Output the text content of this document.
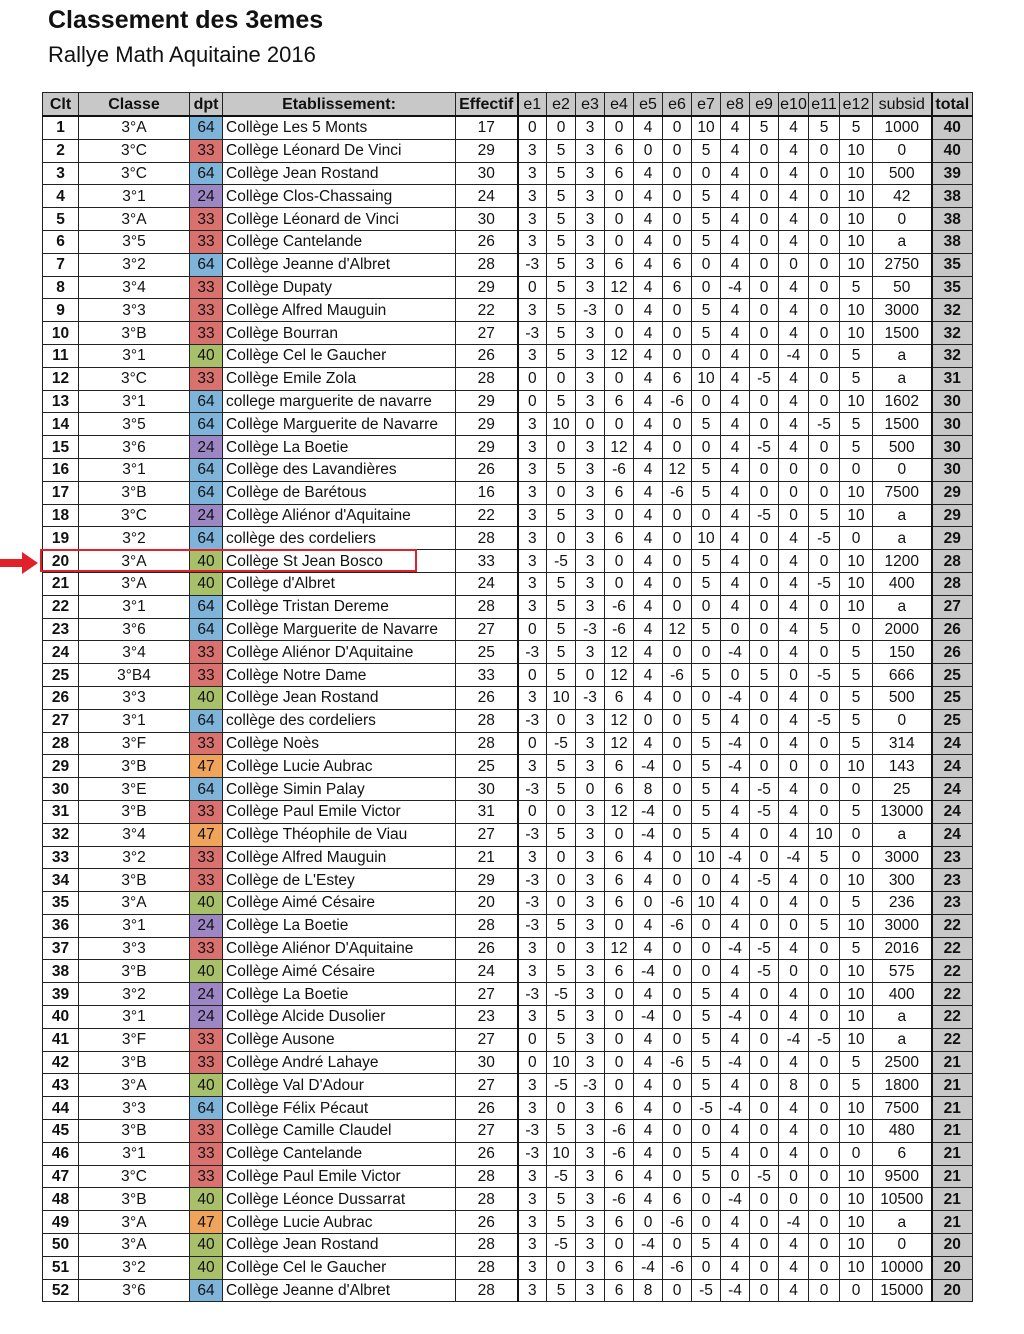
Classement des 3emes
Rallye Math Aquitaine 2016
Clt	Classe	dpt	Etablissement:	Effectif	e1	e2	e3	e4	e5	e6	e7	e8	e9	e10	e11	e12	subsid	total
1	3°A	64	Collège Les 5 Monts	17	0	0	3	0	4	0	10	4	5	4	5	5	1000	40
2	3°C	33	Collège Léonard De Vinci	29	3	5	3	6	0	0	5	4	0	4	0	10	0	40
3	3°C	64	Collège Jean Rostand	30	3	5	3	6	4	0	0	4	0	4	0	10	500	39
4	3°1	24	Collège Clos-Chassaing	24	3	5	3	0	4	0	5	4	0	4	0	10	42	38
5	3°A	33	Collège Léonard de Vinci	30	3	5	3	0	4	0	5	4	0	4	0	10	0	38
6	3°5	33	Collège Cantelande	26	3	5	3	0	4	0	5	4	0	4	0	10	a	38
7	3°2	64	Collège Jeanne d'Albret	28	-3	5	3	6	4	6	0	4	0	0	0	10	2750	35
8	3°4	33	Collège Dupaty	29	0	5	3	12	4	6	0	-4	0	4	0	5	50	35
9	3°3	33	Collège Alfred Mauguin	22	3	5	-3	0	4	0	5	4	0	4	0	10	3000	32
10	3°B	33	Collège Bourran	27	-3	5	3	0	4	0	5	4	0	4	0	10	1500	32
11	3°1	40	Collège Cel le Gaucher	26	3	5	3	12	4	0	0	4	0	-4	0	5	a	32
12	3°C	33	Collège Emile Zola	28	0	0	3	0	4	6	10	4	-5	4	0	5	a	31
13	3°1	64	college marguerite de navarre	29	0	5	3	6	4	-6	0	4	0	4	0	10	1602	30
14	3°5	64	Collège Marguerite de Navarre	29	3	10	0	0	4	0	5	4	0	4	-5	5	1500	30
15	3°6	24	Collège La Boetie	29	3	0	3	12	4	0	0	4	-5	4	0	5	500	30
16	3°1	64	Collège des Lavandières	26	3	5	3	-6	4	12	5	4	0	0	0	0	0	30
17	3°B	64	Collège de Barétous	16	3	0	3	6	4	-6	5	4	0	0	0	10	7500	29
18	3°C	24	Collège Aliénor d'Aquitaine	22	3	5	3	0	4	0	0	4	-5	0	5	10	a	29
19	3°2	64	collège des cordeliers	28	3	0	3	6	4	0	10	4	0	4	-5	0	a	29
20	3°A	40	Collège St Jean Bosco	33	3	-5	3	0	4	0	5	4	0	4	0	10	1200	28
21	3°A	40	Collège d'Albret	24	3	5	3	0	4	0	5	4	0	4	-5	10	400	28
22	3°1	64	Collège Tristan Dereme	28	3	5	3	-6	4	0	0	4	0	4	0	10	a	27
23	3°6	64	Collège Marguerite de Navarre	27	0	5	-3	-6	4	12	5	0	0	4	5	0	2000	26
24	3°4	33	Collège Aliénor D'Aquitaine	25	-3	5	3	12	4	0	0	-4	0	4	0	5	150	26
25	3°B4	33	Collège Notre Dame	33	0	5	0	12	4	-6	5	0	5	0	-5	5	666	25
26	3°3	40	Collège Jean Rostand	26	3	10	-3	6	4	0	0	-4	0	4	0	5	500	25
27	3°1	64	collège des cordeliers	28	-3	0	3	12	0	0	5	4	0	4	-5	5	0	25
28	3°F	33	Collège Noès	28	0	-5	3	12	4	0	5	-4	0	4	0	5	314	24
29	3°B	47	Collège Lucie Aubrac	25	3	5	3	6	-4	0	5	-4	0	0	0	10	143	24
30	3°E	64	Collège Simin Palay	30	-3	5	0	6	8	0	5	4	-5	4	0	0	25	24
31	3°B	33	Collège Paul Emile Victor	31	0	0	3	12	-4	0	5	4	-5	4	0	5	13000	24
32	3°4	47	Collège Théophile de Viau	27	-3	5	3	0	-4	0	5	4	0	4	10	0	a	24
33	3°2	33	Collège Alfred Mauguin	21	3	0	3	6	4	0	10	-4	0	-4	5	0	3000	23
34	3°B	33	Collège de L'Estey	29	-3	0	3	6	4	0	0	4	-5	4	0	10	300	23
35	3°A	40	Collège Aimé Césaire	20	-3	0	3	6	0	-6	10	4	0	4	0	5	236	23
36	3°1	24	Collège La Boetie	28	-3	5	3	0	4	-6	0	4	0	0	5	10	3000	22
37	3°3	33	Collège Aliénor D'Aquitaine	26	3	0	3	12	4	0	0	-4	-5	4	0	5	2016	22
38	3°B	40	Collège Aimé Césaire	24	3	5	3	6	-4	0	0	4	-5	0	0	10	575	22
39	3°2	24	Collège La Boetie	27	-3	-5	3	0	4	0	5	4	0	4	0	10	400	22
40	3°1	24	Collège Alcide Dusolier	23	3	5	3	0	-4	0	5	-4	0	4	0	10	a	22
41	3°F	33	Collège Ausone	27	0	5	3	0	4	0	5	4	0	-4	-5	10	a	22
42	3°B	33	Collège André Lahaye	30	0	10	3	0	4	-6	5	-4	0	4	0	5	2500	21
43	3°A	40	Collège Val D'Adour	27	3	-5	-3	0	4	0	5	4	0	8	0	5	1800	21
44	3°3	64	Collège Félix Pécaut	26	3	0	3	6	4	0	-5	-4	0	4	0	10	7500	21
45	3°B	33	Collège Camille Claudel	27	-3	5	3	-6	4	0	0	4	0	4	0	10	480	21
46	3°1	33	Collège Cantelande	26	-3	10	3	-6	4	0	5	4	0	4	0	0	6	21
47	3°C	33	Collège Paul Emile Victor	28	3	-5	3	6	4	0	5	0	-5	0	0	10	9500	21
48	3°B	40	Collège Léonce Dussarrat	28	3	5	3	-6	4	6	0	-4	0	0	0	10	10500	21
49	3°A	47	Collège Lucie Aubrac	26	3	5	3	6	0	-6	0	4	0	-4	0	10	a	21
50	3°A	40	Collège Jean Rostand	28	3	-5	3	0	-4	0	5	4	0	4	0	10	0	20
51	3°2	40	Collège Cel le Gaucher	28	3	0	3	6	-4	-6	0	4	0	4	0	10	10000	20
52	3°6	64	Collège Jeanne d'Albret	28	3	5	3	6	8	0	-5	-4	0	4	0	0	15000	20
